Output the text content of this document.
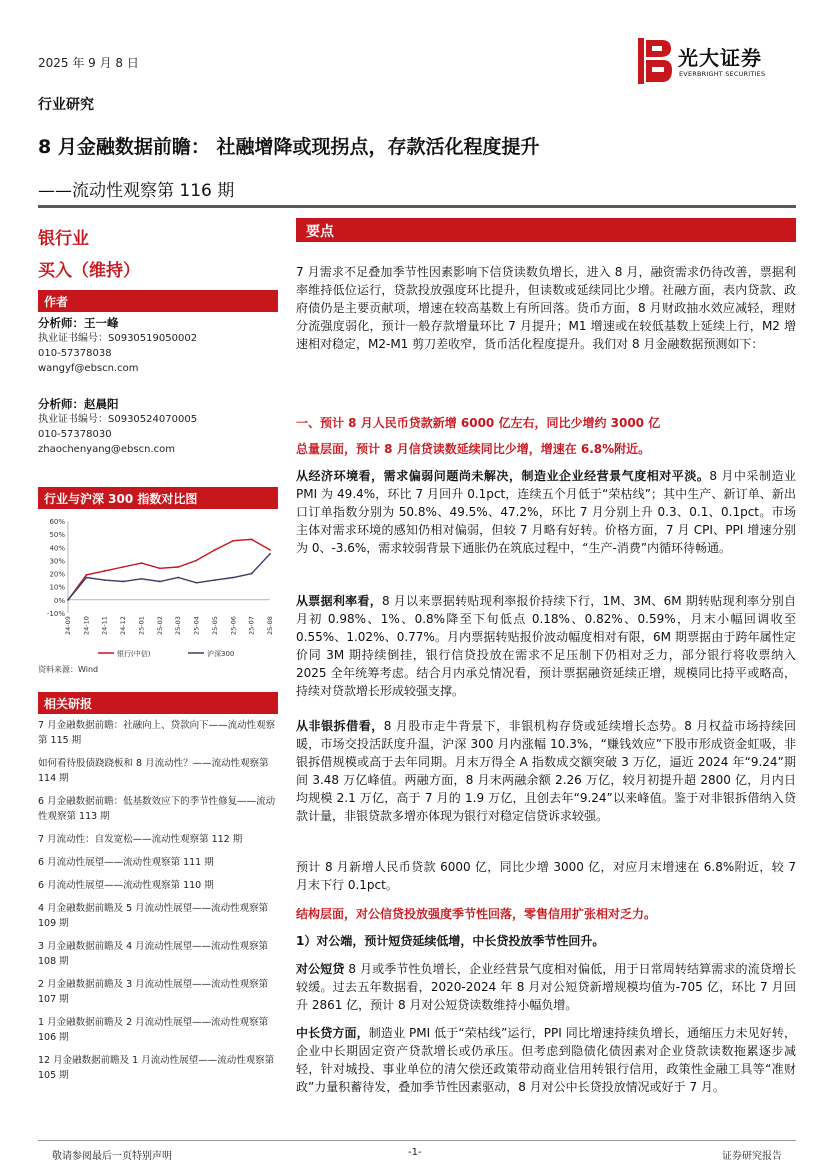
2025 年 9 月 8 日	光大证券
EVERBRIGHT SECURITIES
行业研究
8 月金融数据前瞻： 社融增降或现拐点，存款活化程度提升
——流动性观察第 116 期
银行业
买入（维持）
作者
分析师：王一峰
执业证书编号：S0930519050002
010-57378038
wangyf@ebscn.com
分析师：赵晨阳
执业证书编号：S0930524070005
010-57378030
zhaochenyang@ebscn.com
行业与沪深 300 指数对比图
60%
50%
40%
30%
20%
10%
0%
-10%
24-09 24-10 24-11 24-12 25-01 25-02 25-03 25-04 25-05 25-06 25-07 25-08
银行(中信)	沪深300
资料来源：Wind
相关研报
7 月金融数据前瞻：社融向上、贷款向下——流动性观察第 115 期
如何看待股债跷跷板和 8 月流动性？——流动性观察第 114 期
6 月金融数据前瞻：低基数效应下的季节性修复——流动性观察第 113 期
7 月流动性：自发宽松——流动性观察第 112 期
6 月流动性展望——流动性观察第 111 期
6 月流动性展望——流动性观察第 110 期
4 月金融数据前瞻及 5 月流动性展望——流动性观察第 109 期
3 月金融数据前瞻及 4 月流动性展望——流动性观察第 108 期
2 月金融数据前瞻及 3 月流动性展望——流动性观察第 107 期
1 月金融数据前瞻及 2 月流动性展望——流动性观察第 106 期
12 月金融数据前瞻及 1 月流动性展望——流动性观察第 105 期
要点
7 月需求不足叠加季节性因素影响下信贷读数负增长，进入 8 月，融资需求仍待改善，票据利率维持低位运行，贷款投放强度环比提升，但读数或延续同比少增。社融方面，表内贷款、政府债仍是主要贡献项，增速在较高基数上有所回落。货币方面，8 月财政抽水效应减轻，理财分流强度弱化，预计一般存款增量环比 7 月提升；M1 增速或在较低基数上延续上行，M2 增速相对稳定，M2-M1 剪刀差收窄，货币活化程度提升。我们对 8 月金融数据预测如下：
一、预计 8 月人民币贷款新增 6000 亿左右，同比少增约 3000 亿
总量层面，预计 8 月信贷读数延续同比少增，增速在 6.8%附近。
从经济环境看，需求偏弱问题尚未解决，制造业企业经营景气度相对平淡。8 月中采制造业 PMI 为 49.4%，环比 7 月回升 0.1pct，连续五个月低于“荣枯线”；其中生产、新订单、新出口订单指数分别为 50.8%、49.5%、47.2%，环比 7 月分别上升 0.3、0.1、0.1pct。市场主体对需求环境的感知仍相对偏弱，但较 7 月略有好转。价格方面，7 月 CPI、PPI 增速分别为 0、-3.6%，需求较弱背景下通胀仍在筑底过程中，“生产-消费”内循环待畅通。
从票据利率看，8 月以来票据转贴现利率报价持续下行，1M、3M、6M 期转贴现利率分别自月初 0.98%、1%、0.8%降至下旬低点 0.18%、0.82%、0.59%，月末小幅回调收至 0.55%、1.02%、0.77%。月内票据转贴报价波动幅度相对有限，6M 期票据由于跨年属性定价同 3M 期持续倒挂，银行信贷投放在需求不足压制下仍相对乏力，部分银行将收票纳入 2025 全年统筹考虑。结合月内承兑情况看，预计票据融资延续正增，规模同比持平或略高，持续对贷款增长形成较强支撑。
从非银拆借看，8 月股市走牛背景下，非银机构存贷或延续增长态势。8 月权益市场持续回暖，市场交投活跃度升温，沪深 300 月内涨幅 10.3%，“赚钱效应”下股市形成资金虹吸，非银拆借规模或高于去年同期。月末万得全 A 指数成交额突破 3 万亿，逼近 2024 年“9.24”期间 3.48 万亿峰值。两融方面，8 月末两融余额 2.26 万亿，较月初提升超 2800 亿，月内日均规模 2.1 万亿，高于 7 月的 1.9 万亿，且创去年“9.24”以来峰值。鉴于对非银拆借纳入贷款计量，非银贷款多增亦体现为银行对稳定信贷诉求较强。
预计 8 月新增人民币贷款 6000 亿，同比少增 3000 亿，对应月末增速在 6.8%附近，较 7 月末下行 0.1pct。
结构层面，对公信贷投放强度季节性回落，零售信用扩张相对乏力。
1）对公端，预计短贷延续低增，中长贷投放季节性回升。
对公短贷 8 月或季节性负增长，企业经营景气度相对偏低，用于日常周转结算需求的流贷增长较缓。过去五年数据看，2020-2024 年 8 月对公短贷新增规模均值为-705 亿，环比 7 月回升 2861 亿，预计 8 月对公短贷读数维持小幅负增。
中长贷方面，制造业 PMI 低于“荣枯线”运行，PPI 同比增速持续负增长，通缩压力未见好转，企业中长期固定资产贷款增长或仍承压。但考虑到隐债化债因素对企业贷款读数拖累逐步减轻，针对城投、事业单位的清欠偿还政策带动商业信用转银行信用，政策性金融工具等“准财政”力量积蓄待发，叠加季节性因素驱动，8 月对公中长贷投放情况或好于 7 月。
敬请参阅最后一页特别声明	-1-	证券研究报告
